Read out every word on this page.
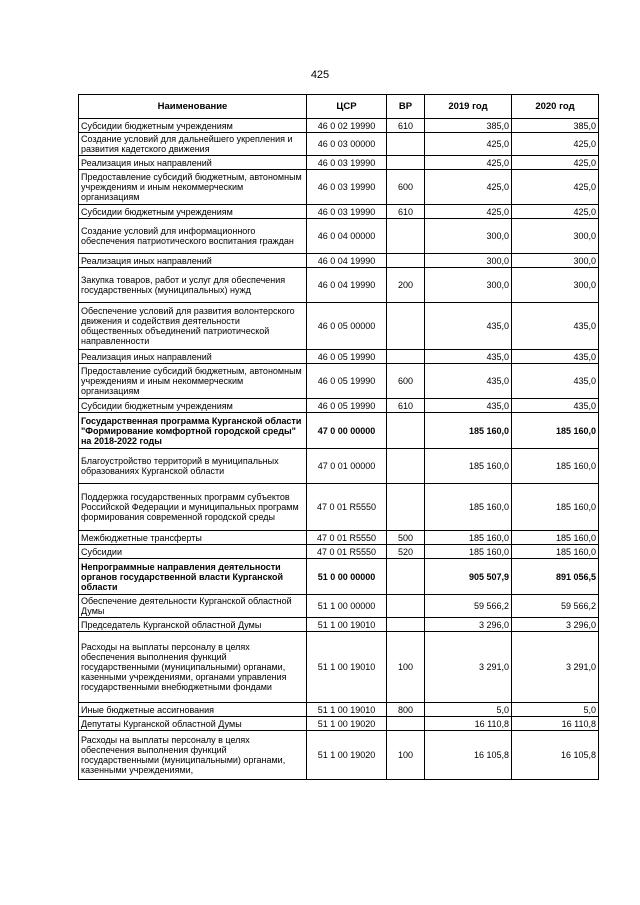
425
Наименование	ЦСР	ВР	2019 год	2020 год
Субсидии бюджетным учреждениям	46 0 02 19990	610	385,0	385,0
Создание условий для дальнейшего укрепления и развития кадетского движения	46 0 03 00000		425,0	425,0
Реализация иных направлений	46 0 03 19990		425,0	425,0
Предоставление субсидий бюджетным, автономным учреждениям и иным некоммерческим организациям	46 0 03 19990	600	425,0	425,0
Субсидии бюджетным учреждениям	46 0 03 19990	610	425,0	425,0
Создание условий для информационного обеспечения патриотического воспитания граждан	46 0 04 00000		300,0	300,0
Реализация иных направлений	46 0 04 19990		300,0	300,0
Закупка товаров, работ и услуг для обеспечения государственных (муниципальных) нужд	46 0 04 19990	200	300,0	300,0
Обеспечение условий для развития волонтерского движения и содействия деятельности общественных объединений патриотической направленности	46 0 05 00000		435,0	435,0
Реализация иных направлений	46 0 05 19990		435,0	435,0
Предоставление субсидий бюджетным, автономным учреждениям и иным некоммерческим организациям	46 0 05 19990	600	435,0	435,0
Субсидии бюджетным учреждениям	46 0 05 19990	610	435,0	435,0
Государственная программа Курганской области "Формирование комфортной городской среды" на 2018-2022 годы	47 0 00 00000		185 160,0	185 160,0
Благоустройство территорий в муниципальных образованиях Курганской области	47 0 01 00000		185 160,0	185 160,0
Поддержка государственных программ субъектов Российской Федерации и муниципальных программ формирования современной городской среды	47 0 01 R5550		185 160,0	185 160,0
Межбюджетные трансферты	47 0 01 R5550	500	185 160,0	185 160,0
Субсидии	47 0 01 R5550	520	185 160,0	185 160,0
Непрограммные направления деятельности органов государственной власти Курганской области	51 0 00 00000		905 507,9	891 056,5
Обеспечение деятельности Курганской областной Думы	51 1 00 00000		59 566,2	59 566,2
Председатель Курганской областной Думы	51 1 00 19010		3 296,0	3 296,0
Расходы на выплаты персоналу в целях обеспечения выполнения функций государственными (муниципальными) органами, казенными учреждениями, органами управления государственными внебюджетными фондами	51 1 00 19010	100	3 291,0	3 291,0
Иные бюджетные ассигнования	51 1 00 19010	800	5,0	5,0
Депутаты Курганской областной Думы	51 1 00 19020		16 110,8	16 110,8
Расходы на выплаты персоналу в целях обеспечения выполнения функций государственными (муниципальными) органами, казенными учреждениями,	51 1 00 19020	100	16 105,8	16 105,8
